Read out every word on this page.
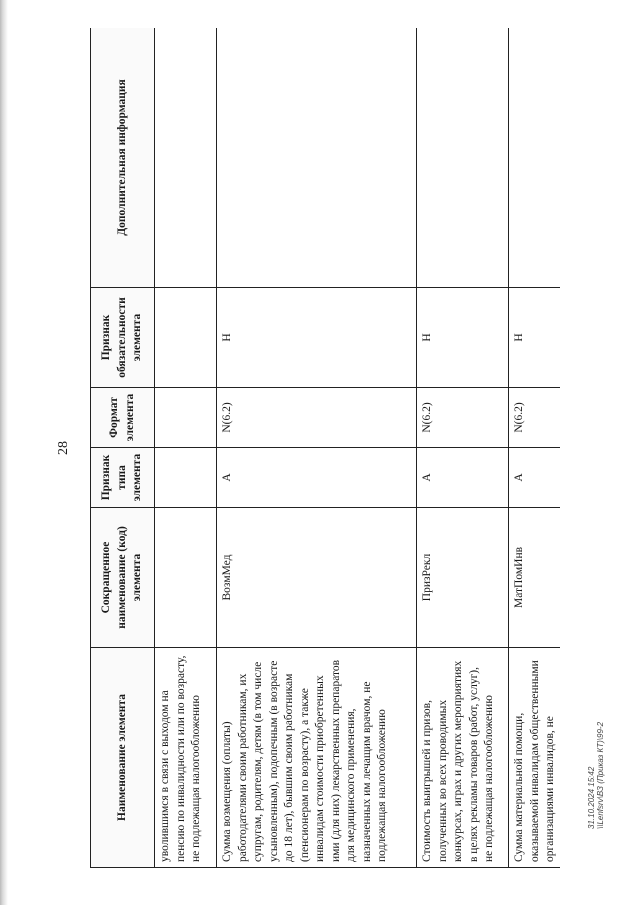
28
Наименование элемента	Сокращенное наименование (код) элемента	Признак типа элемента	Формат элемента	Признак обязательности элемента	Дополнительная информация
уволившимся в связи с выходом на пенсию по инвалидности или по возрасту, не подлежащая налогообложению					
Сумма возмещения (оплаты) работодателями своим работникам, их супругам, родителям, детям (в том числе усыновленным), подопечным (в возрасте до 18 лет), бывшим своим работникам (пенсионерам по возрасту), а также инвалидам стоимости приобретенных ими (для них) лекарственных препаратов для медицинского применения, назначенных им лечащим врачом, не подлежащая налогообложению	ВозмМед	A	N(6.2)	Н	
Стоимость выигрышей и призов, полученных во всех проводимых конкурсах, играх и других мероприятиях в целях рекламы товаров (работ, услуг), не подлежащая налогообложению	ПризРекл	A	N(6.2)	Н	
Сумма материальной помощи, оказываемой инвалидам общественными организациями инвалидов, не	МатПомИнв	A	N(6.2)	Н	

31.10.2024 15:42 \\Lenfsrv\ВЗ (Приказ КТ)\99-2
